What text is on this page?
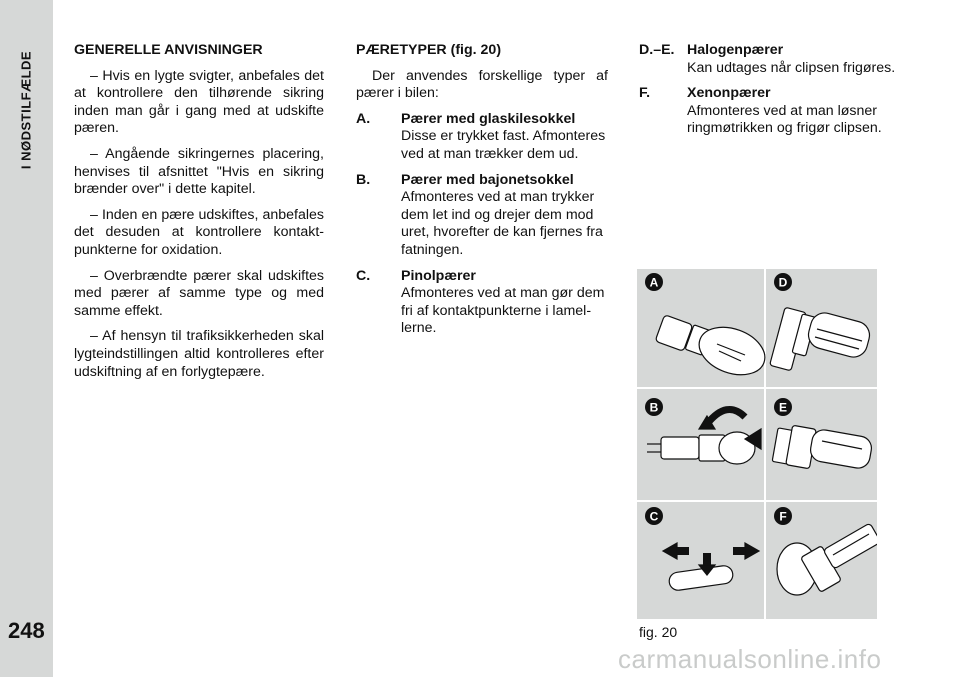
I NØDSTILFÆLDE
248

GENERELLE ANVISNINGER

– Hvis en lygte svigter, anbefales det at kontrollere den tilhørende sikring inden man går i gang med at udskifte pæren.

– Angående sikringernes placering, henvises til afsnittet "Hvis en sikring brænder over" i dette kapitel.

– Inden en pære udskiftes, anbefales det desuden at kontrollere kontaktpunkterne for oxidation.

– Overbrændte pærer skal udskiftes med pærer af samme type og med samme effekt.

– Af hensyn til trafiksikkerheden skal lygteindstillingen altid kontrolleres efter udskiftning af en forlygtepære.

PÆRETYPER (fig. 20)

Der anvendes forskellige typer af pærer i bilen:

A. Pærer med glaskilesokkel
Disse er trykket fast. Afmonteres ved at man trækker dem ud.
B. Pærer med bajonetsokkel
Afmonteres ved at man trykker dem let ind og drejer dem mod uret, hvorefter de kan fjernes fra fatningen.
C. Pinolpærer
Afmonteres ved at man gør dem fri af kontaktpunkterne i lamellerne.
D.–E. Halogenpærer
Kan udtages når clipsen frigøres.
F.	Xenonpærer
Afmonteres ved at man løsner ringmøtrikken og frigør clipsen.
A	D
B	E
C	F
fig. 20
carmanualsonline.info
